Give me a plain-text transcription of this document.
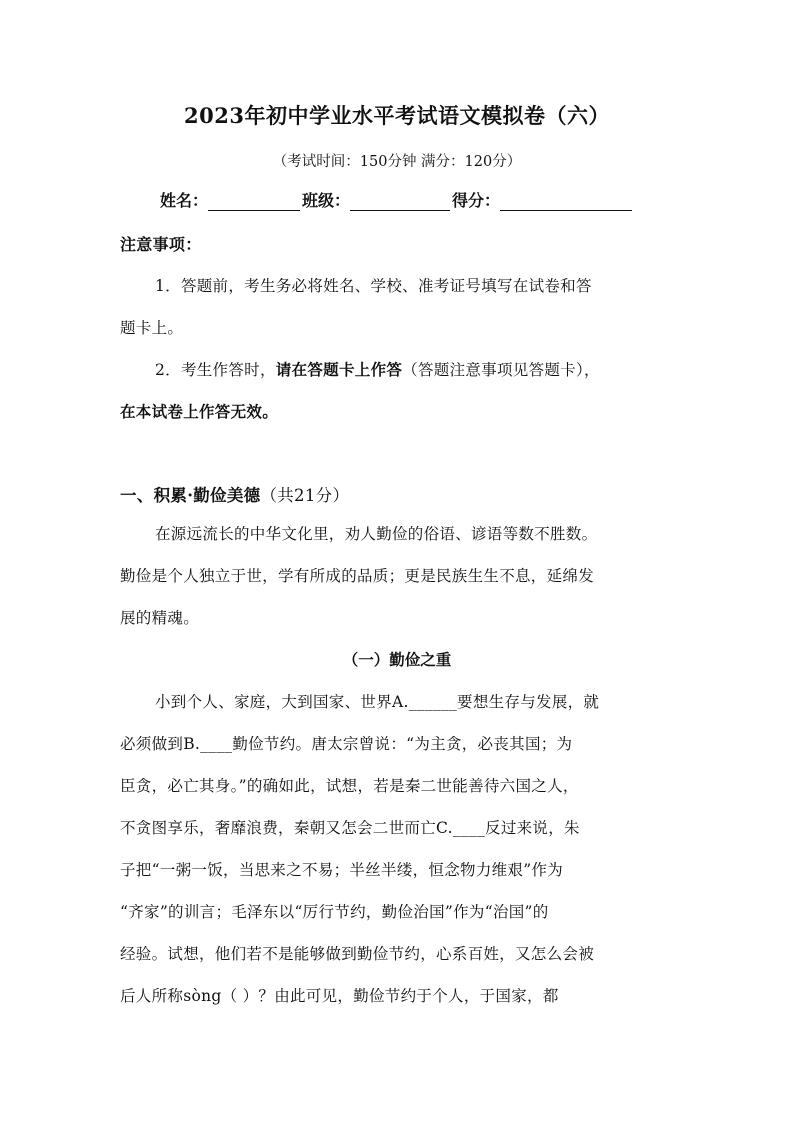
2023年初中学业水平考试语文模拟卷（六）
（考试时间：150分钟 满分：120分）
姓名：	班级：	得分：
注意事项：
1．答题前，考生务必将姓名、学校、准考证号填写在试卷和答
题卡上。
2．考生作答时，请在答题卡上作答（答题注意事项见答题卡），
在本试卷上作答无效。
一、积累·勤俭美德（共21分）
在源远流长的中华文化里，劝人勤俭的俗语、谚语等数不胜数。
勤俭是个人独立于世，学有所成的品质；更是民族生生不息，延绵发
展的精魂。
（一）勤俭之重
小到个人、家庭，大到国家、世界A.______要想生存与发展，就
必须做到B.____勤俭节约。唐太宗曾说：“为主贪，必丧其国；为
臣贪，必亡其身。”的确如此，试想，若是秦二世能善待六国之人，
不贪图享乐，奢靡浪费，秦朝又怎会二世而亡C.____反过来说，朱
子把“一粥一饭，当思来之不易；半丝半缕，恒念物力维艰”作为
“齐家”的训言；毛泽东以“厉行节约，勤俭治国”作为“治国”的
经验。试想，他们若不是能够做到勤俭节约，心系百姓，又怎么会被
后人所称sòng（ ）？由此可见，勤俭节约于个人，于国家，都
